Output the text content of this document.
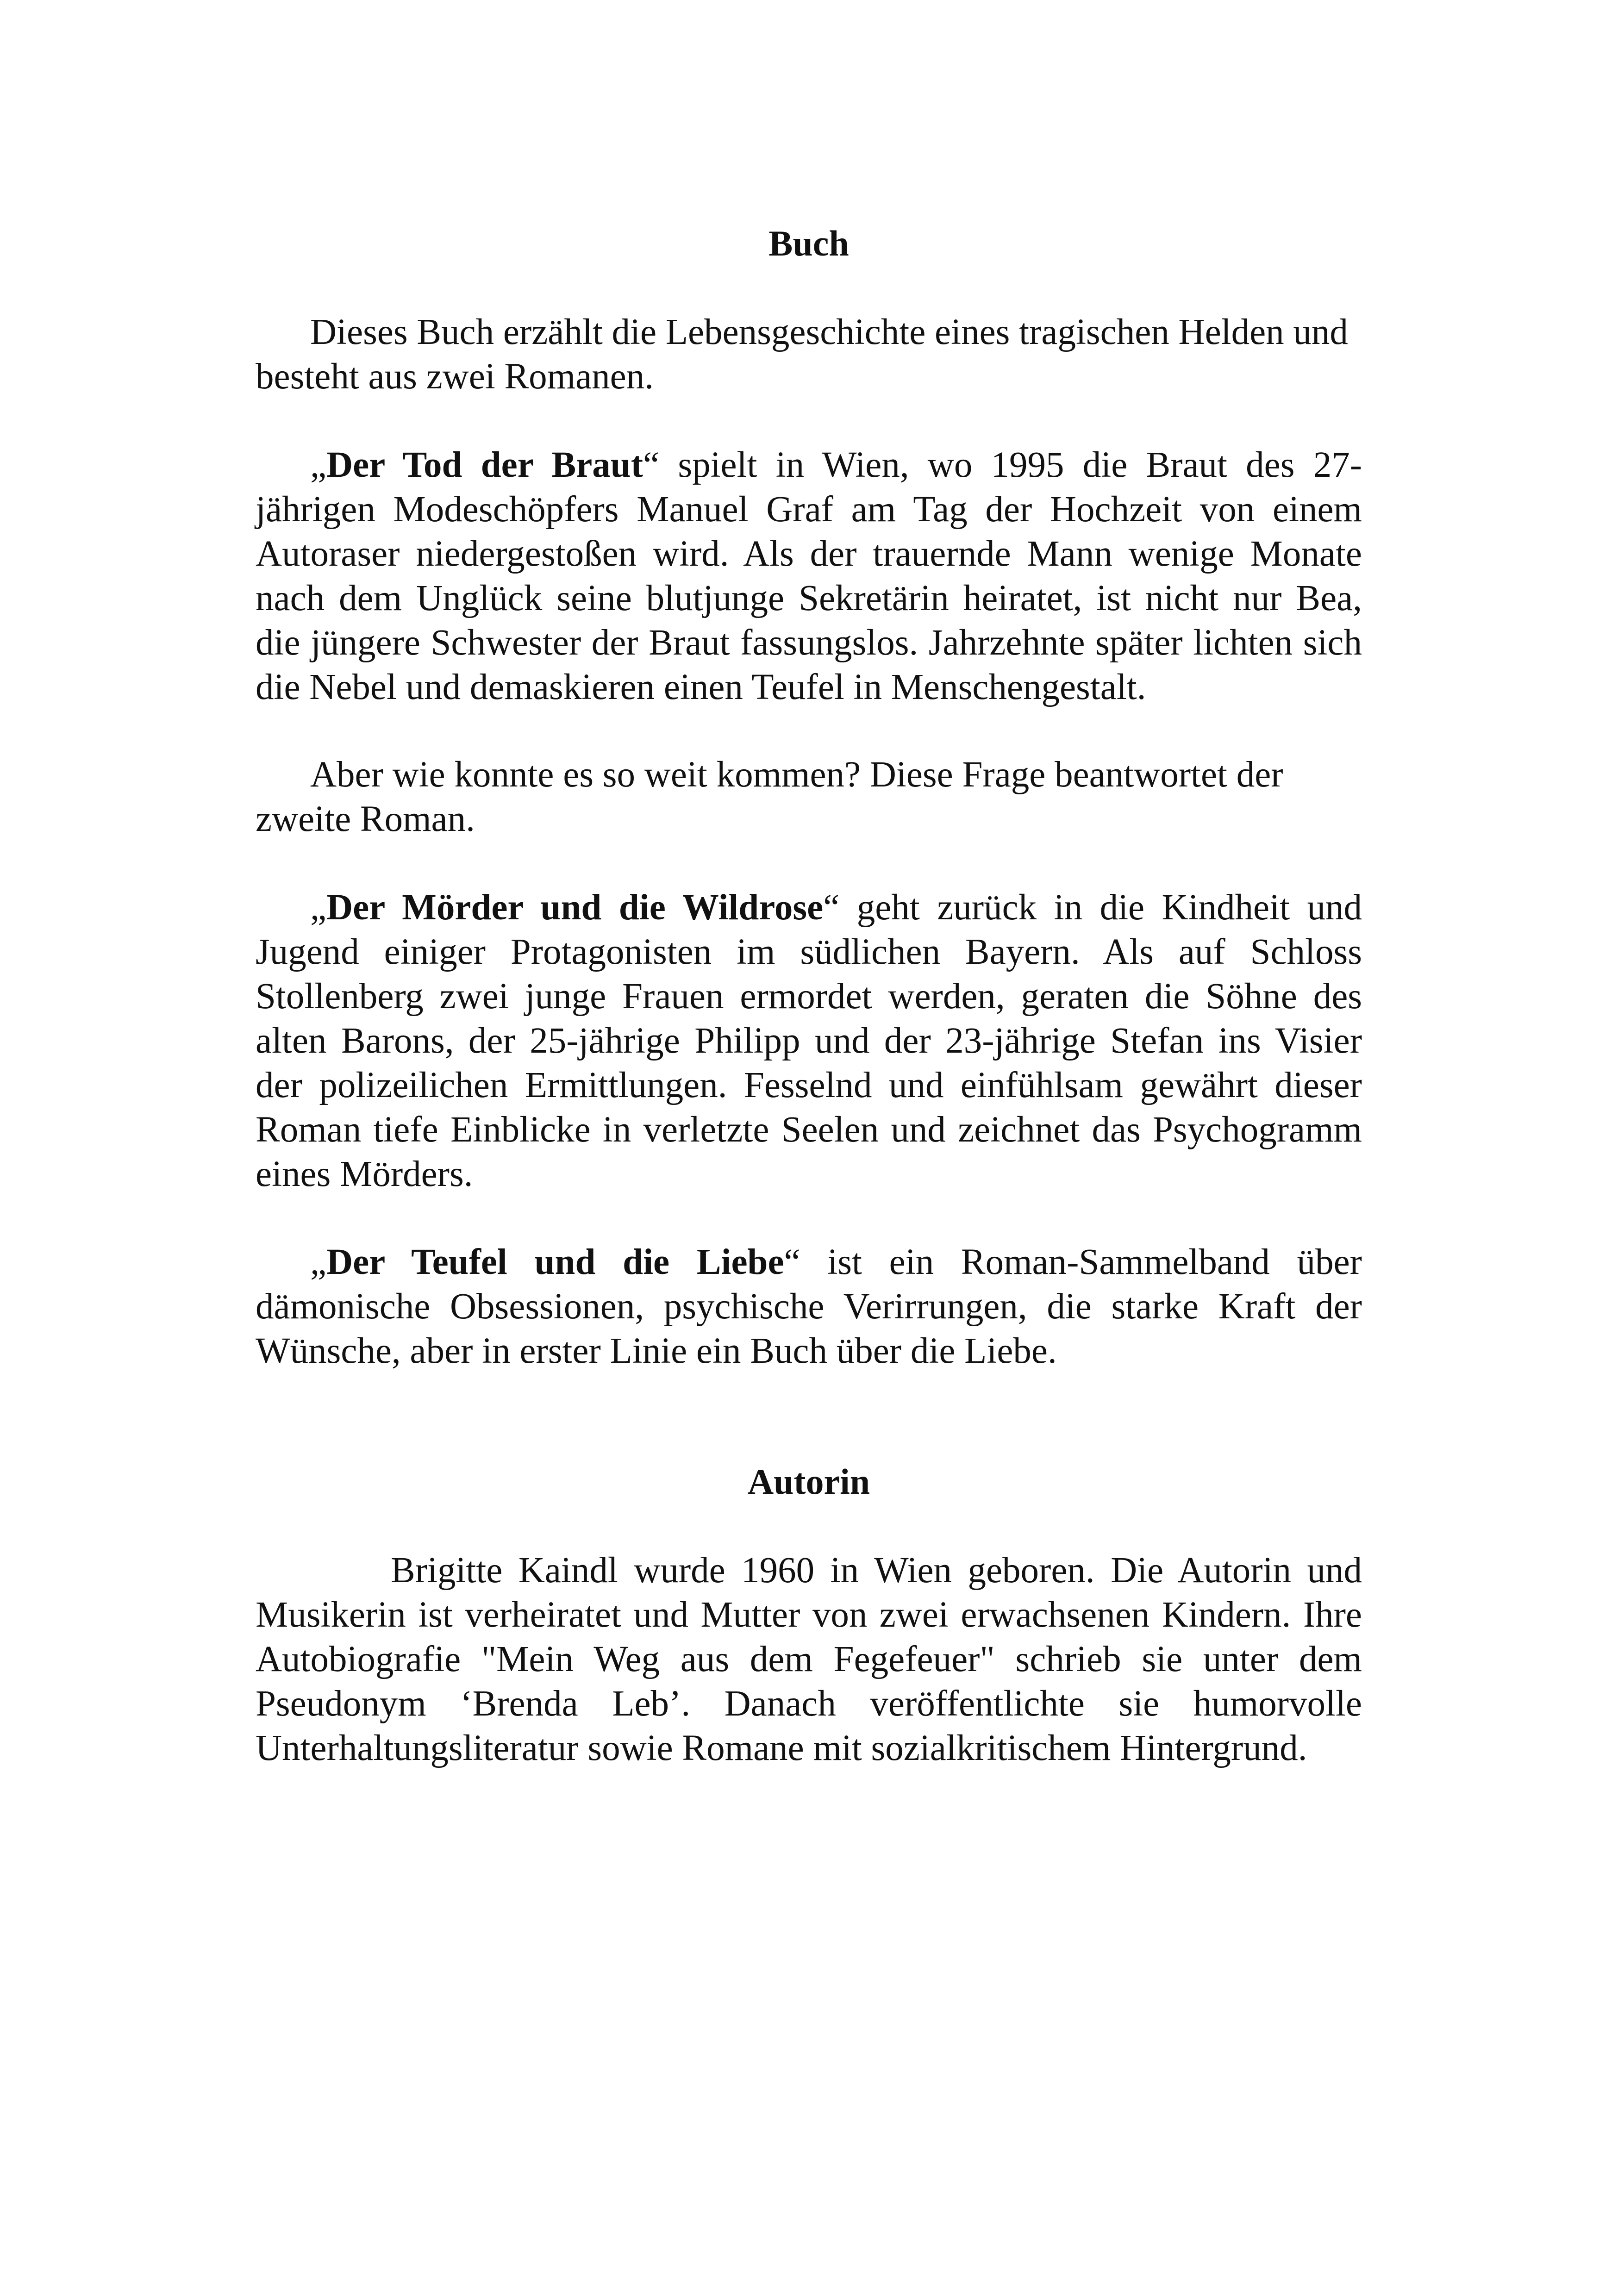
Buch

Dieses Buch erzählt die Lebensgeschichte eines tragischen Helden und besteht aus zwei Romanen.

„Der Tod der Braut“ spielt in Wien, wo 1995 die Braut des 27-jährigen Modeschöpfers Manuel Graf am Tag der Hochzeit von einem Autoraser niedergestoßen wird. Als der trauernde Mann wenige Monate nach dem Unglück seine blutjunge Sekretärin heiratet, ist nicht nur Bea, die jüngere Schwester der Braut fassungslos. Jahrzehnte später lichten sich die Nebel und demaskieren einen Teufel in Menschengestalt.

Aber wie konnte es so weit kommen? Diese Frage beantwortet der zweite Roman.

„Der Mörder und die Wildrose“ geht zurück in die Kindheit und Jugend einiger Protagonisten im südlichen Bayern. Als auf Schloss Stollenberg zwei junge Frauen ermordet werden, geraten die Söhne des alten Barons, der 25-jährige Philipp und der 23-jährige Stefan ins Visier der polizeilichen Ermittlungen. Fesselnd und einfühlsam gewährt dieser Roman tiefe Einblicke in verletzte Seelen und zeichnet das Psychogramm eines Mörders.

„Der Teufel und die Liebe“ ist ein Roman-Sammelband über dämonische Obsessionen, psychische Verirrungen, die starke Kraft der Wünsche, aber in erster Linie ein Buch über die Liebe.

Autorin

Brigitte Kaindl wurde 1960 in Wien geboren. Die Autorin und Musikerin ist verheiratet und Mutter von zwei erwachsenen Kindern. Ihre Autobiografie "Mein Weg aus dem Fegefeuer" schrieb sie unter dem Pseudonym ‘Brenda Leb’. Danach veröffentlichte sie humorvolle Unterhaltungsliteratur sowie Romane mit sozialkritischem Hintergrund.
